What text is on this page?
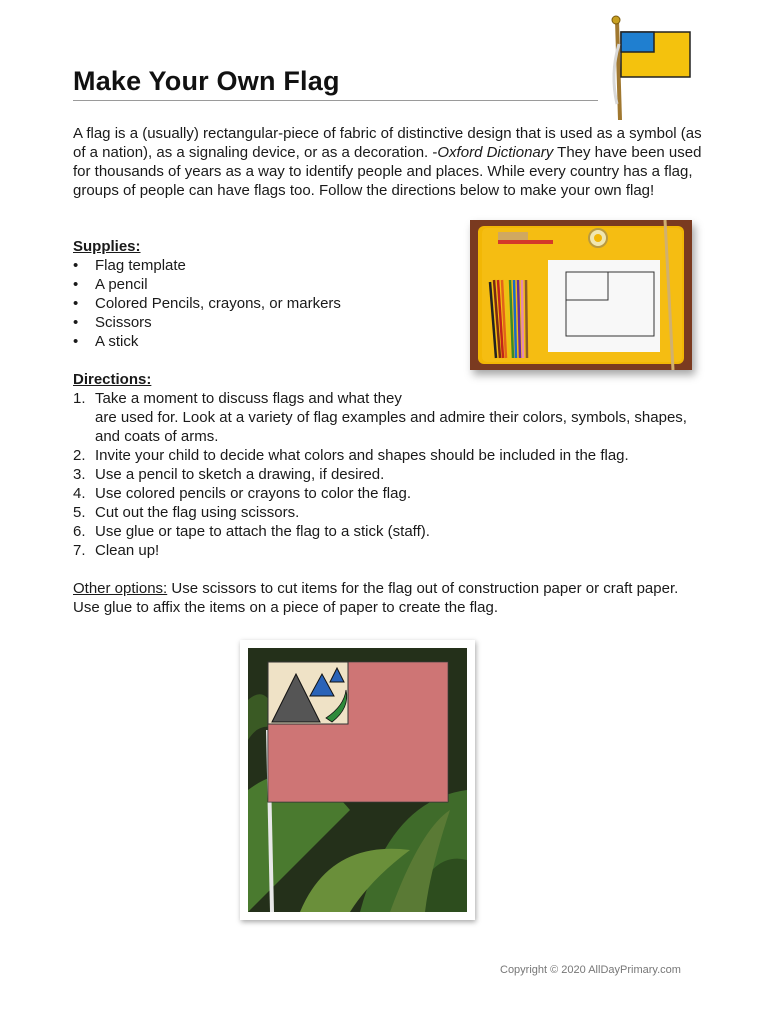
Make Your Own Flag

A flag is a (usually) rectangular-piece of fabric of distinctive design that is used as a symbol (as of a nation), as a signaling device, or as a decoration. -Oxford Dictionary They have been used for thousands of years as a way to identify people and places. While every country has a flag, groups of people can have flags too. Follow the directions below to make your own flag!

Supplies:
• Flag template
• A pencil
• Colored Pencils, crayons, or markers
• Scissors
• A stick
Directions:
1. Take a moment to discuss flags and what they
are used for. Look at a variety of flag examples and admire their colors, symbols, shapes, and coats of arms.
2. Invite your child to decide what colors and shapes should be included in the flag.
3. Use a pencil to sketch a drawing, if desired.
4. Use colored pencils or crayons to color the flag.
5. Cut out the flag using scissors.
6. Use glue or tape to attach the flag to a stick (staff).
7. Clean up!

Other options: Use scissors to cut items for the flag out of construction paper or craft paper. Use glue to affix the items on a piece of paper to create the flag.

Copyright © 2020 AllDayPrimary.com
